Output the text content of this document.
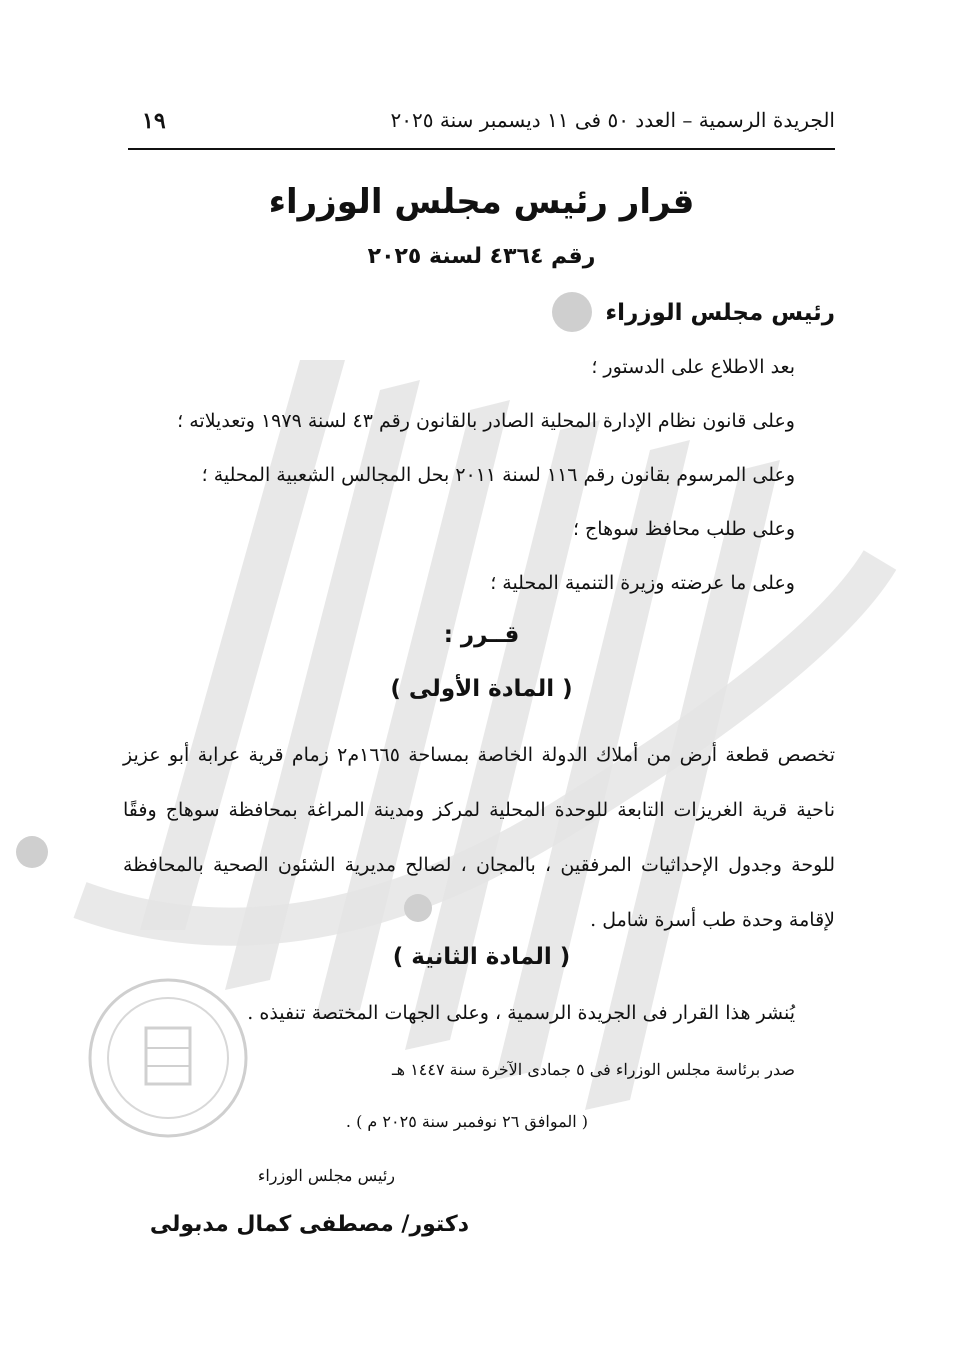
الجريدة الرسمية – العدد ٥٠ فى ١١ ديسمبر سنة ٢٠٢٥
١٩
قرار رئيس مجلس الوزراء
رقم ٤٣٦٤ لسنة ٢٠٢٥
رئيس مجلس الوزراء
بعد الاطلاع على الدستور ؛
وعلى قانون نظام الإدارة المحلية الصادر بالقانون رقم ٤٣ لسنة ١٩٧٩ وتعديلاته ؛
وعلى المرسوم بقانون رقم ١١٦ لسنة ٢٠١١ بحل المجالس الشعبية المحلية ؛
وعلى طلب محافظ سوهاج ؛
وعلى ما عرضته وزيرة التنمية المحلية ؛
قــرر :
( المادة الأولى )
تخصص قطعة أرض من أملاك الدولة الخاصة بمساحة ١٦٦٥م٢ زمام قرية عرابة أبو عزيز ناحية قرية الغريزات التابعة للوحدة المحلية لمركز ومدينة المراغة بمحافظة سوهاج وفقًا للوحة وجدول الإحداثيات المرفقين ، بالمجان ، لصالح مديرية الشئون الصحية بالمحافظة لإقامة وحدة طب أسرة شامل .
( المادة الثانية )
يُنشر هذا القرار فى الجريدة الرسمية ، وعلى الجهات المختصة تنفيذه .
صدر برئاسة مجلس الوزراء فى ٥ جمادى الآخرة سنة ١٤٤٧ هـ
( الموافق ٢٦ نوفمبر سنة ٢٠٢٥ م ) .
رئيس مجلس الوزراء
دكتور/ مصطفى كمال مدبولى
